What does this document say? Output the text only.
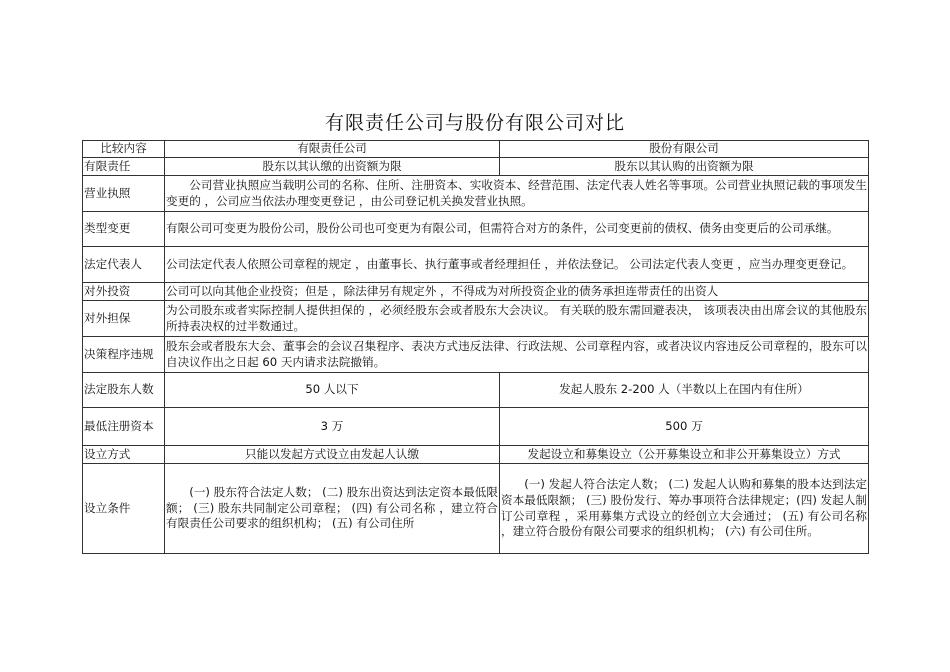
有限责任公司与股份有限公司对比
比较内容	有限责任公司	股份有限公司
有限责任	股东以其认缴的出资额为限	股东以其认购的出资额为限
营业执照	公司营业执照应当载明公司的名称、住所、注册资本、实收资本、经营范围、法定代表人姓名等事项。公司营业执照记载的事项发生变更的 ，公司应当依法办理变更登记 ，由公司登记机关换发营业执照。	
类型变更	有限公司可变更为股份公司，股份公司也可变更为有限公司，但需符合对方的条件，公司变更前的债权、债务由变更后的公司承继。	
法定代表人	公司法定代表人依照公司章程的规定 ，由董事长、执行董事或者经理担任 ，并依法登记。 公司法定代表人变更 ，应当办理变更登记。	
对外投资	公司可以向其他企业投资；但是 ，除法律另有规定外 ，不得成为对所投资企业的债务承担连带责任的出资人	
对外担保	为公司股东或者实际控制人提供担保的 ，必须经股东会或者股东大会决议。 有关联的股东需回避表决， 该项表决由出席会议的其他股东所持表决权的过半数通过。	
决策程序违规	股东会或者股东大会、董事会的会议召集程序、表决方式违反法律、行政法规、公司章程内容，或者决议内容违反公司章程的，股东可以自决议作出之日起 60 天内请求法院撤销。	
法定股东人数	50 人以下	发起人股东 2-200 人（半数以上在国内有住所）
最低注册资本	3 万	500 万
设立方式	只能以发起方式设立由发起人认缴	发起设立和募集设立（公开募集设立和非公开募集设立）方式
设立条件	(一) 股东符合法定人数； (二) 股东出资达到法定资本最低限额； (三) 股东共同制定公司章程； (四) 有公司名称 ，建立符合有限责任公司要求的组织机构； (五) 有公司住所	(一) 发起人符合法定人数； (二) 发起人认购和募集的股本达到法定资本最低限额； (三) 股份发行、筹办事项符合法律规定；(四) 发起人制订公司章程 ，采用募集方式设立的经创立大会通过； (五) 有公司名称 ，建立符合股份有限公司要求的组织机构； (六) 有公司住所。
